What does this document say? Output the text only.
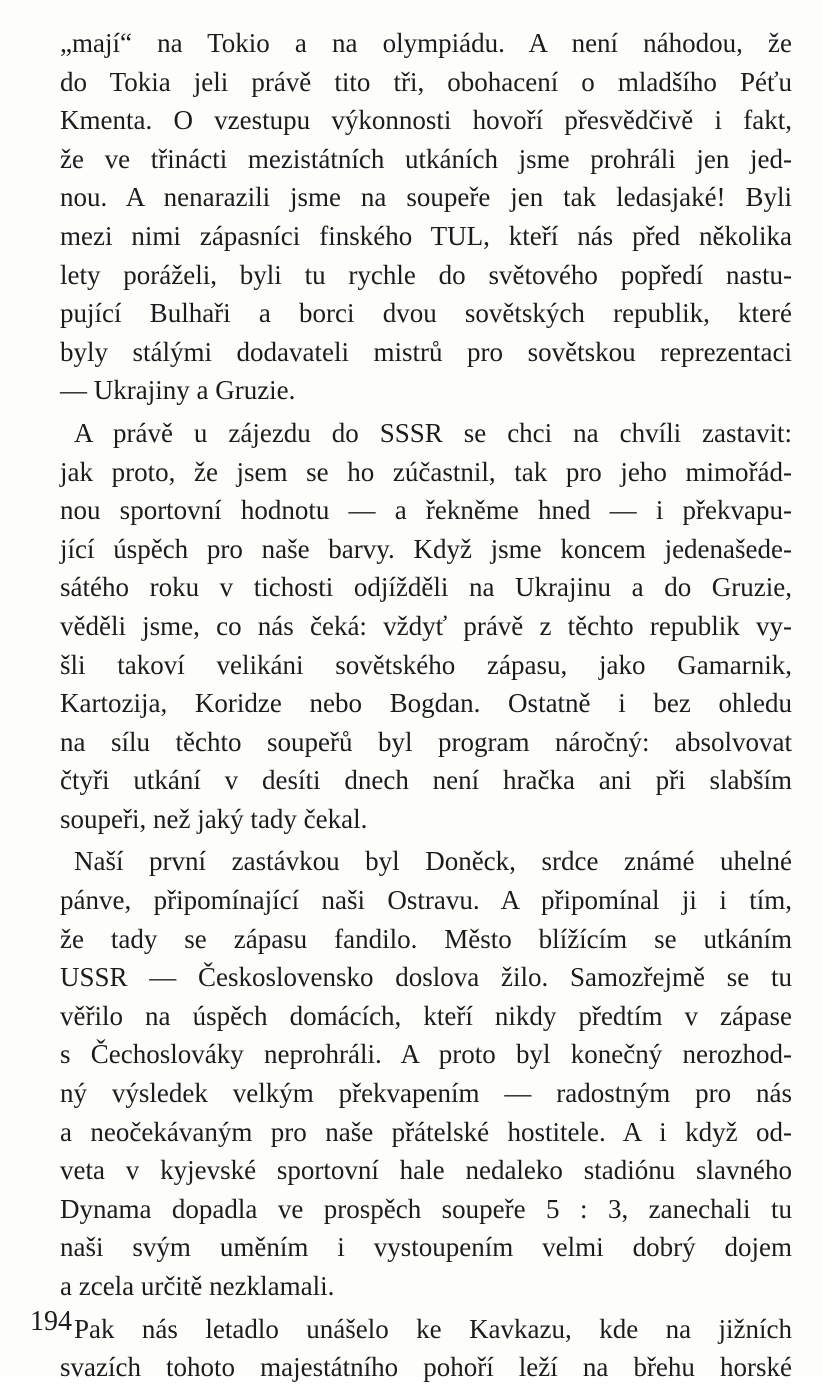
„mají“ na Tokio a na olympiádu. A není náhodou, že
do Tokia jeli právě tito tři, obohacení o mladšího Péťu
Kmenta. O vzestupu výkonnosti hovoří přesvědčivě i fakt,
že ve třinácti mezistátních utkáních jsme prohráli jen jed-
nou. A nenarazili jsme na soupeře jen tak ledasjaké! Byli
mezi nimi zápasníci finského TUL, kteří nás před několika
lety poráželi, byli tu rychle do světového popředí nastu-
pující Bulhaři a borci dvou sovětských republik, které
byly stálými dodavateli mistrů pro sovětskou reprezentaci
— Ukrajiny a Gruzie.
A právě u zájezdu do SSSR se chci na chvíli zastavit:
jak proto, že jsem se ho zúčastnil, tak pro jeho mimořád-
nou sportovní hodnotu — a řekněme hned — i překvapu-
jící úspěch pro naše barvy. Když jsme koncem jedenašede-
sátého roku v tichosti odjížděli na Ukrajinu a do Gruzie,
věděli jsme, co nás čeká: vždyť právě z těchto republik vy-
šli takoví velikáni sovětského zápasu, jako Gamarnik,
Kartozija, Koridze nebo Bogdan. Ostatně i bez ohledu
na sílu těchto soupeřů byl program náročný: absolvovat
čtyři utkání v desíti dnech není hračka ani při slabším
soupeři, než jaký tady čekal.
Naší první zastávkou byl Doněck, srdce známé uhelné
pánve, připomínající naši Ostravu. A připomínal ji i tím,
že tady se zápasu fandilo. Město blížícím se utkáním
USSR — Československo doslova žilo. Samozřejmě se tu
věřilo na úspěch domácích, kteří nikdy předtím v zápase
s Čechoslováky neprohráli. A proto byl konečný nerozhod-
ný výsledek velkým překvapením — radostným pro nás
a neočekávaným pro naše přátelské hostitele. A i když od-
veta v kyjevské sportovní hale nedaleko stadiónu slavného
Dynama dopadla ve prospěch soupeře 5 : 3, zanechali tu
naši svým uměním i vystoupením velmi dobrý dojem
a zcela určitě nezklamali.
Pak nás letadlo unášelo ke Kavkazu, kde na jižních
svazích tohoto majestátního pohoří leží na břehu horské
194
